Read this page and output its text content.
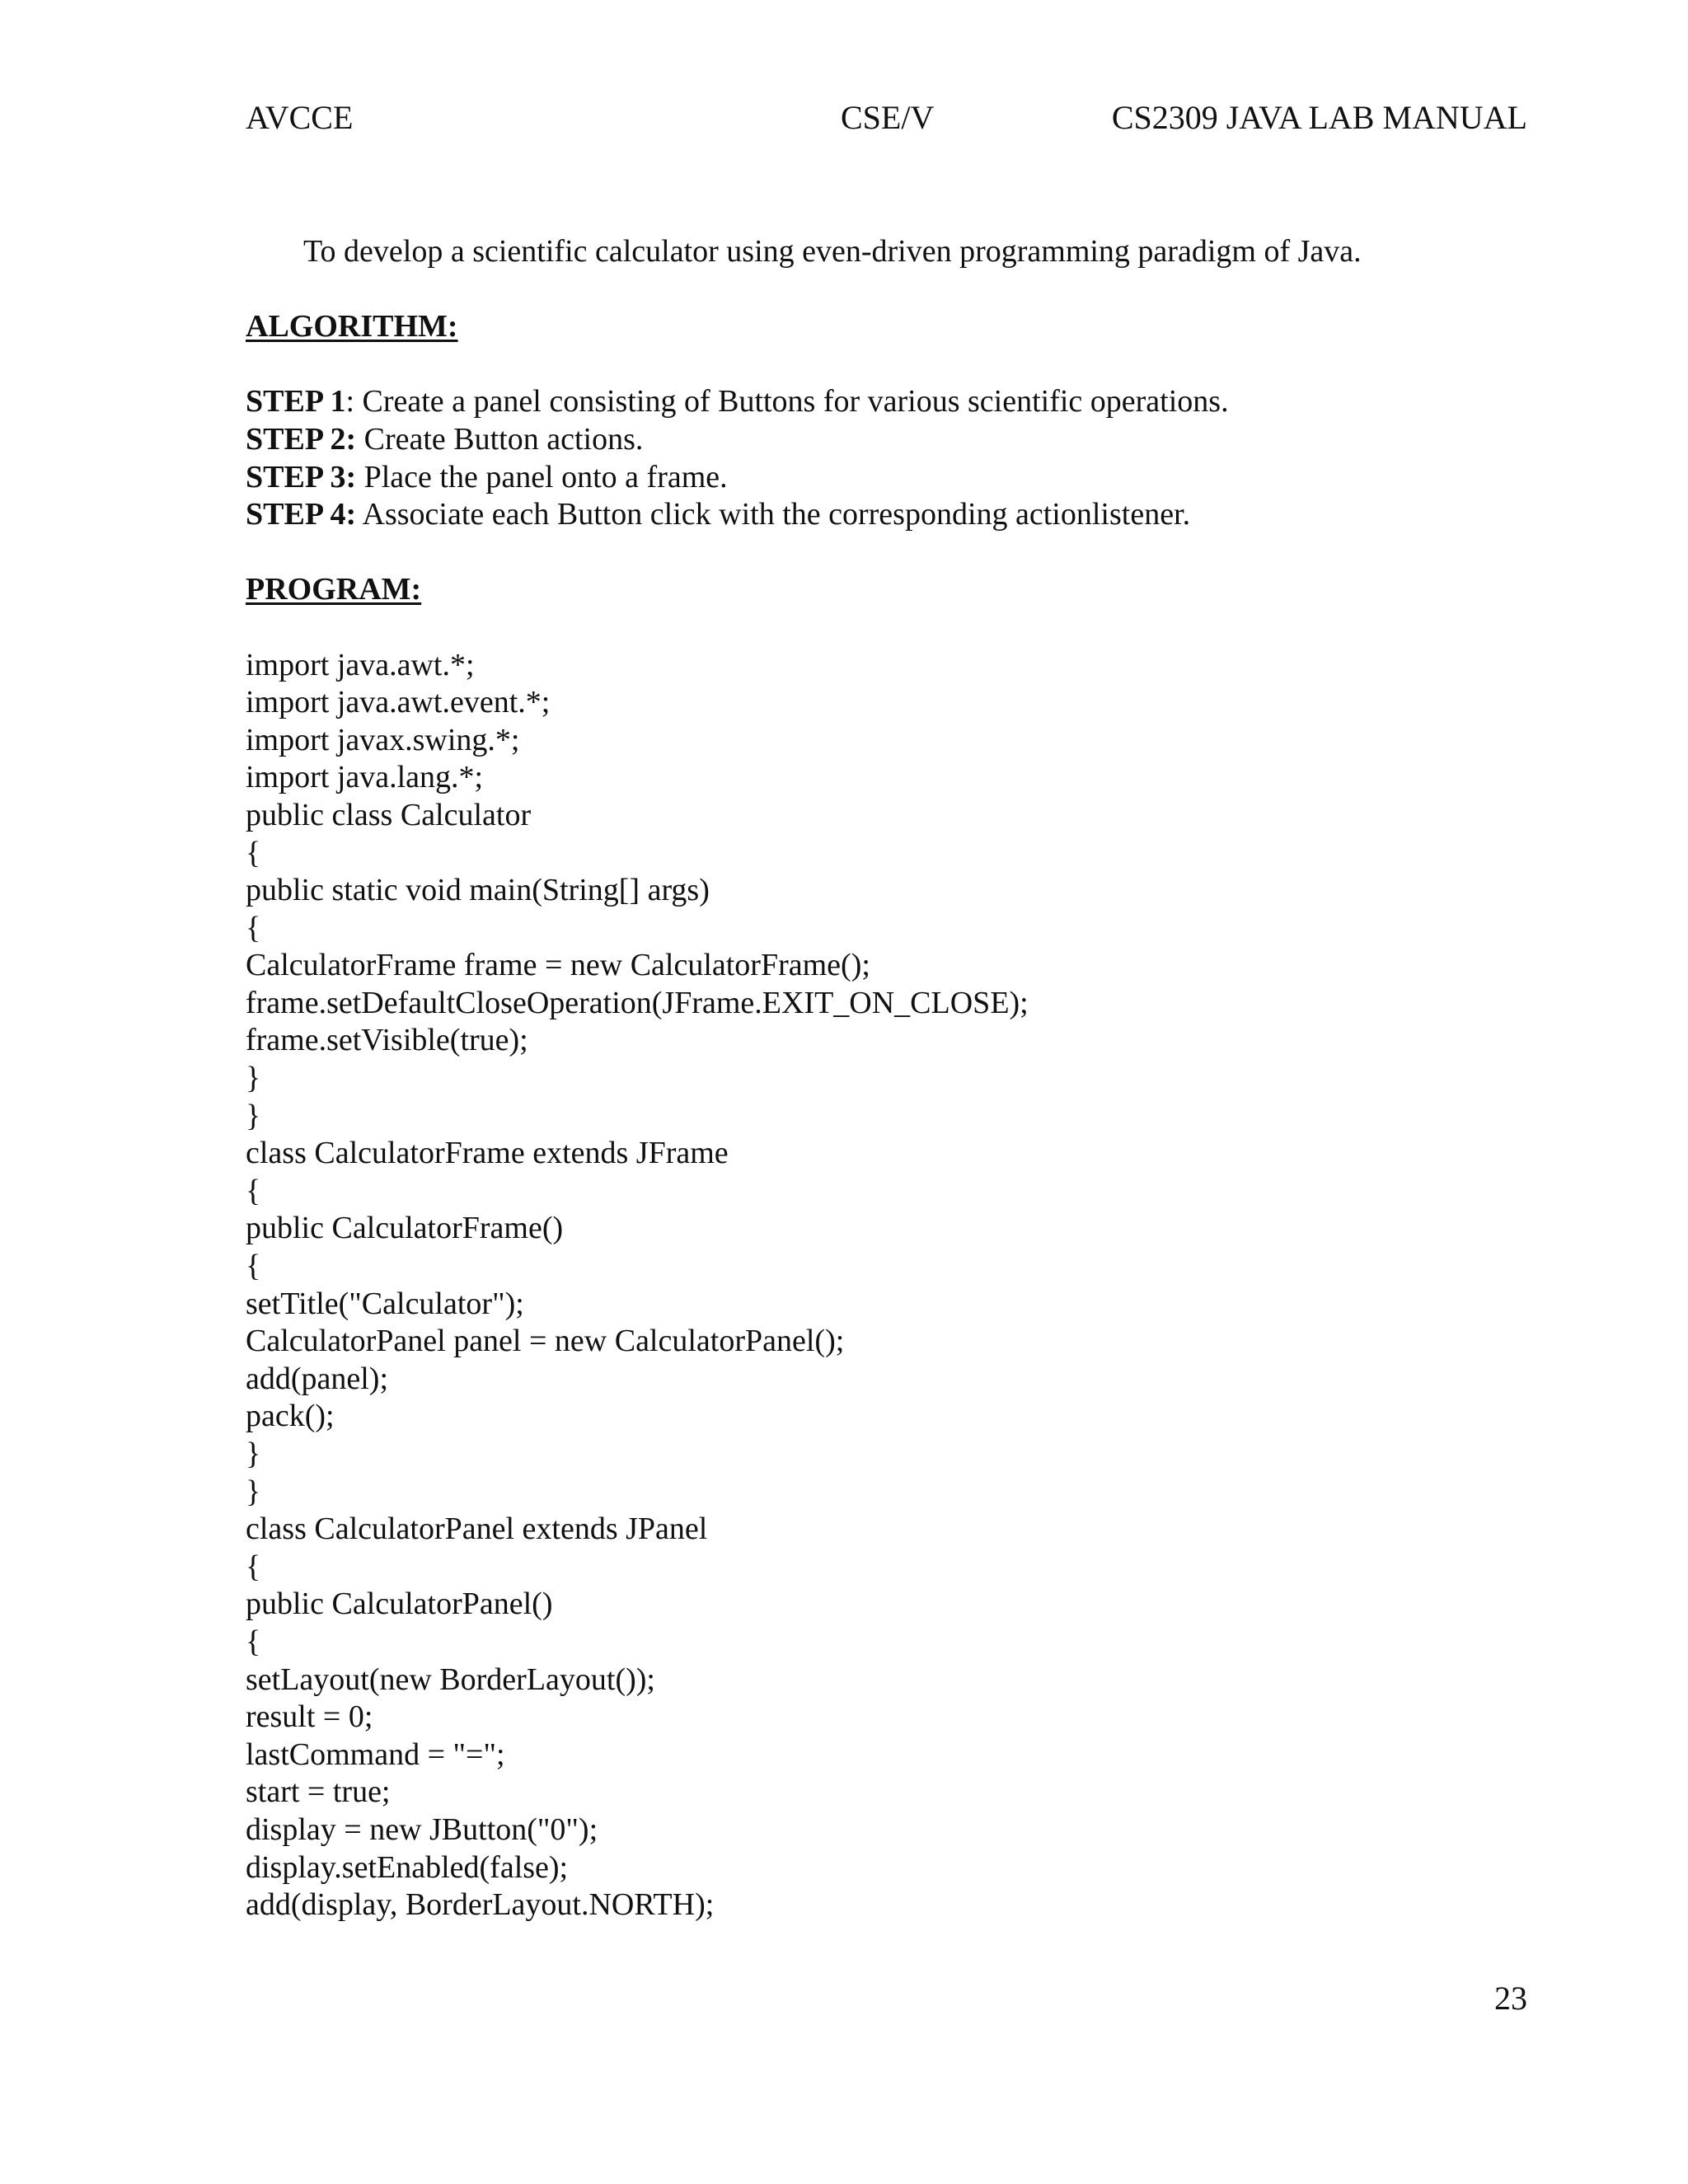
AVCCE	CSE/V	CS2309 JAVA LAB MANUAL
To develop a scientific calculator using even-driven programming paradigm of Java.
ALGORITHM:
STEP 1: Create a panel consisting of Buttons for various scientific operations.
STEP 2: Create Button actions.
STEP 3: Place the panel onto a frame.
STEP 4: Associate each Button click with the corresponding actionlistener.
PROGRAM:
import java.awt.*;
import java.awt.event.*;
import javax.swing.*;
import java.lang.*;
public class Calculator
{
public static void main(String[] args)
{
CalculatorFrame frame = new CalculatorFrame();
frame.setDefaultCloseOperation(JFrame.EXIT_ON_CLOSE);
frame.setVisible(true);
}
}
class CalculatorFrame extends JFrame
{
public CalculatorFrame()
{
setTitle("Calculator");
CalculatorPanel panel = new CalculatorPanel();
add(panel);
pack();
}
}
class CalculatorPanel extends JPanel
{
public CalculatorPanel()
{
setLayout(new BorderLayout());
result = 0;
lastCommand = "=";
start = true;
display = new JButton("0");
display.setEnabled(false);
add(display, BorderLayout.NORTH);
23
